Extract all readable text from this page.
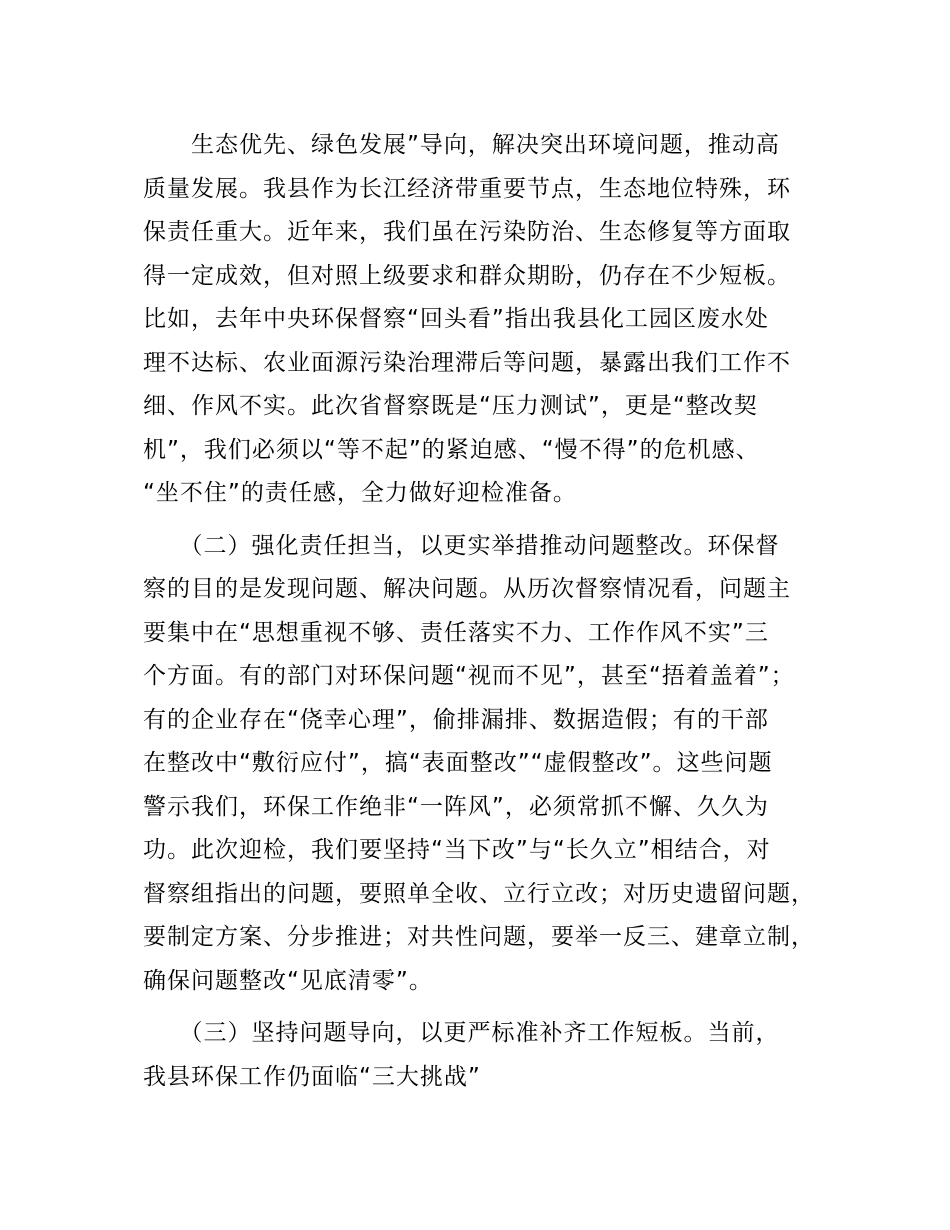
　　生态优先、绿色发展”导向，解决突出环境问题，推动高
质量发展。我县作为长江经济带重要节点，生态地位特殊，环
保责任重大。近年来，我们虽在污染防治、生态修复等方面取
得一定成效，但对照上级要求和群众期盼，仍存在不少短板。
比如，去年中央环保督察“回头看”指出我县化工园区废水处
理不达标、农业面源污染治理滞后等问题，暴露出我们工作不
细、作风不实。此次省督察既是“压力测试”，更是“整改契
机”，我们必须以“等不起”的紧迫感、“慢不得”的危机感、
“坐不住”的责任感，全力做好迎检准备。
　　（二）强化责任担当，以更实举措推动问题整改。环保督
察的目的是发现问题、解决问题。从历次督察情况看，问题主
要集中在“思想重视不够、责任落实不力、工作作风不实”三
个方面。有的部门对环保问题“视而不见”，甚至“捂着盖着”；
有的企业存在“侥幸心理”，偷排漏排、数据造假；有的干部
在整改中“敷衍应付”，搞“表面整改”“虚假整改”。这些问题
警示我们，环保工作绝非“一阵风”，必须常抓不懈、久久为
功。此次迎检，我们要坚持“当下改”与“长久立”相结合，对
督察组指出的问题，要照单全收、立行立改；对历史遗留问题，
要制定方案、分步推进；对共性问题，要举一反三、建章立制，
确保问题整改“见底清零”。
　　（三）坚持问题导向，以更严标准补齐工作短板。当前，
我县环保工作仍面临“三大挑战”
